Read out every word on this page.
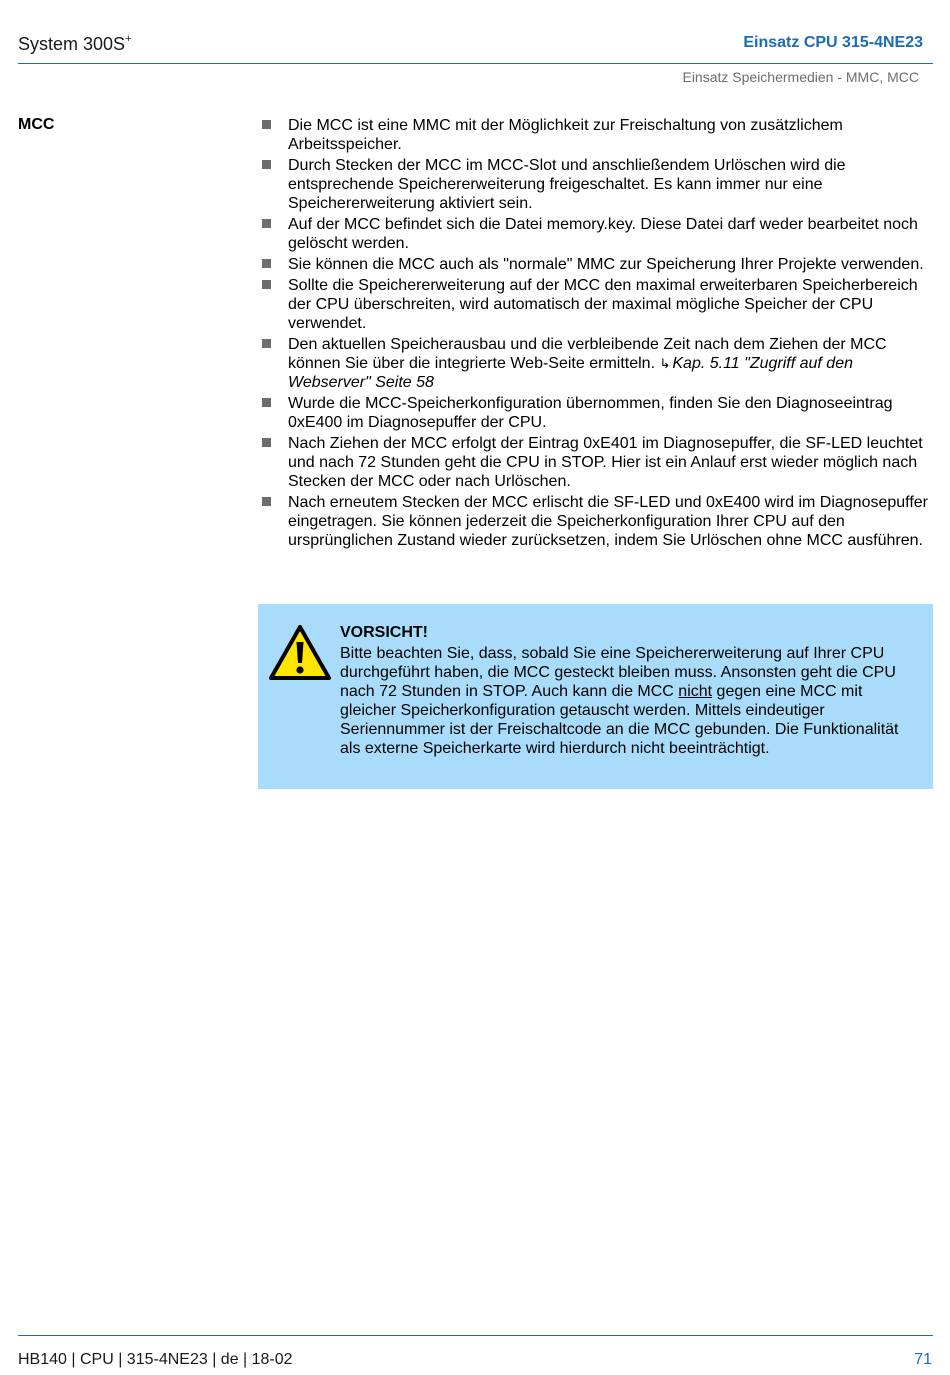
System 300S+	Einsatz CPU 315-4NE23
Einsatz Speichermedien - MMC, MCC
MCC	Die MCC ist eine MMC mit der Möglichkeit zur Freischaltung von zusätzlichem Arbeitsspeicher.
Durch Stecken der MCC im MCC-Slot und anschließendem Urlöschen wird die entsprechende Speichererweiterung freigeschaltet. Es kann immer nur eine Speichererweiterung aktiviert sein.
Auf der MCC befindet sich die Datei memory.key. Diese Datei darf weder bearbeitet noch gelöscht werden.
Sie können die MCC auch als "normale" MMC zur Speicherung Ihrer Projekte verwenden.
Sollte die Speichererweiterung auf der MCC den maximal erweiterbaren Speicherbereich der CPU überschreiten, wird automatisch der maximal mögliche Speicher der CPU verwendet.
Den aktuellen Speicherausbau und die verbleibende Zeit nach dem Ziehen der MCC können Sie über die integrierte Web-Seite ermitteln. ↳ Kap. 5.11 "Zugriff auf den Webserver" Seite 58
Wurde die MCC-Speicherkonfiguration übernommen, finden Sie den Diagnoseeintrag 0xE400 im Diagnosepuffer der CPU.
Nach Ziehen der MCC erfolgt der Eintrag 0xE401 im Diagnosepuffer, die SF-LED leuchtet und nach 72 Stunden geht die CPU in STOP. Hier ist ein Anlauf erst wieder möglich nach Stecken der MCC oder nach Urlöschen.
Nach erneutem Stecken der MCC erlischt die SF-LED und 0xE400 wird im Diagnosepuffer eingetragen. Sie können jederzeit die Speicherkonfiguration Ihrer CPU auf den ursprünglichen Zustand wieder zurücksetzen, indem Sie Urlöschen ohne MCC ausführen.
VORSICHT!
Bitte beachten Sie, dass, sobald Sie eine Speichererweiterung auf Ihrer CPU durchgeführt haben, die MCC gesteckt bleiben muss. Ansonsten geht die CPU nach 72 Stunden in STOP. Auch kann die MCC nicht gegen eine MCC mit gleicher Speicherkonfiguration getauscht werden. Mittels eindeutiger Seriennummer ist der Freischaltcode an die MCC gebunden. Die Funktionalität als externe Speicherkarte wird hierdurch nicht beeinträchtigt.
HB140 | CPU | 315-4NE23 | de | 18-02	71
